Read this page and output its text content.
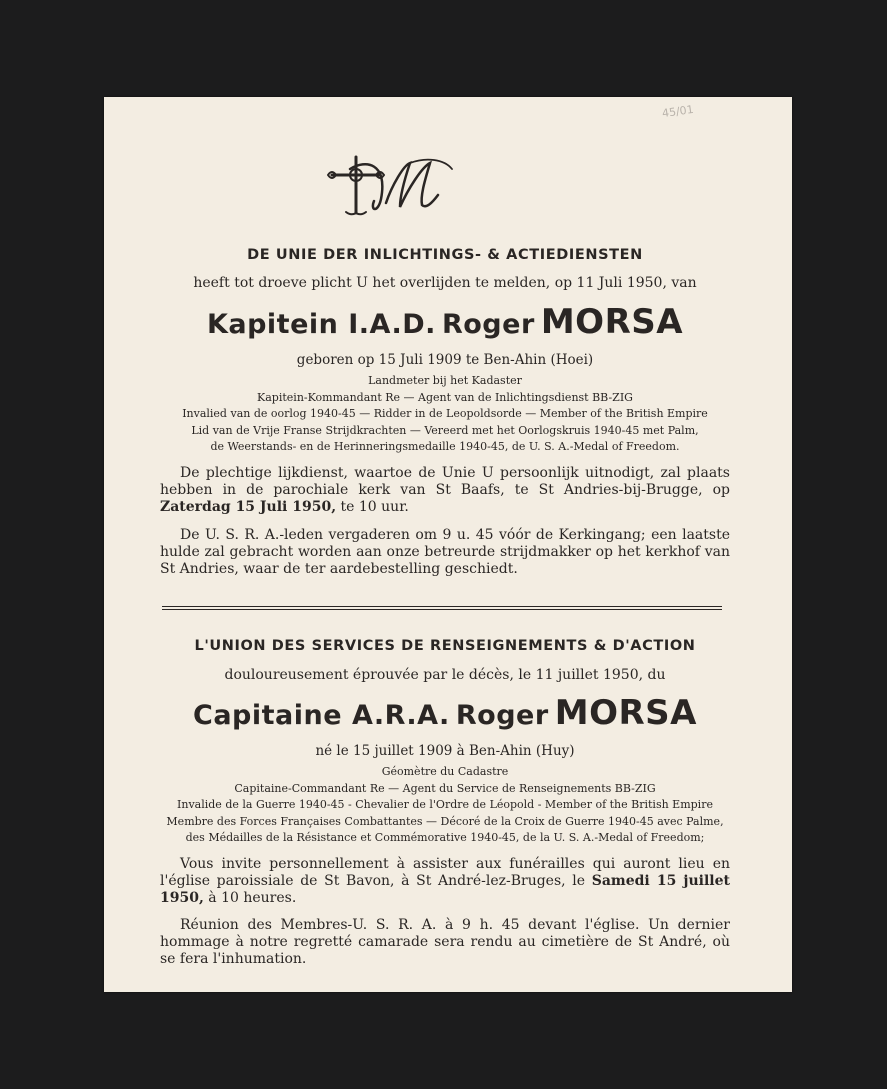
45/01
DE UNIE DER INLICHTINGS- & ACTIEDIENSTEN
heeft tot droeve plicht U het overlijden te melden, op 11 Juli 1950, van
Kapitein I.A.D. Roger MORSA
geboren op 15 Juli 1909 te Ben-Ahin (Hoei)
Landmeter bij het Kadaster
Kapitein-Kommandant Re — Agent van de Inlichtingsdienst BB-ZIG
Invalied van de oorlog 1940-45 — Ridder in de Leopoldsorde — Member of the British Empire
Lid van de Vrije Franse Strijdkrachten — Vereerd met het Oorlogskruis 1940-45 met Palm,
de Weerstands- en de Herinneringsmedaille 1940-45, de U. S. A.-Medal of Freedom.
De plechtige lijkdienst, waartoe de Unie U persoonlijk uitnodigt, zal plaats hebben in de parochiale kerk van St Baafs, te St Andries-bij-Brugge, op Zaterdag 15 Juli 1950, te 10 uur.
De U. S. R. A.-leden vergaderen om 9 u. 45 vóór de Kerkingang; een laatste hulde zal gebracht worden aan onze betreurde strijdmakker op het kerkhof van St Andries, waar de ter aardebestelling geschiedt.
L'UNION DES SERVICES DE RENSEIGNEMENTS & D'ACTION
douloureusement éprouvée par le décès, le 11 juillet 1950, du
Capitaine A.R.A. Roger MORSA
né le 15 juillet 1909 à Ben-Ahin (Huy)
Géomètre du Cadastre
Capitaine-Commandant Re — Agent du Service de Renseignements BB-ZIG
Invalide de la Guerre 1940-45 - Chevalier de l'Ordre de Léopold - Member of the British Empire
Membre des Forces Françaises Combattantes — Décoré de la Croix de Guerre 1940-45 avec Palme,
des Médailles de la Résistance et Commémorative 1940-45, de la U. S. A.-Medal of Freedom;
Vous invite personnellement à assister aux funérailles qui auront lieu en l'église paroissiale de St Bavon, à St André-lez-Bruges, le Samedi 15 juillet 1950, à 10 heures.
Réunion des Membres-U. S. R. A. à 9 h. 45 devant l'église. Un dernier hommage à notre regretté camarade sera rendu au cimetière de St André, où se fera l'inhumation.
